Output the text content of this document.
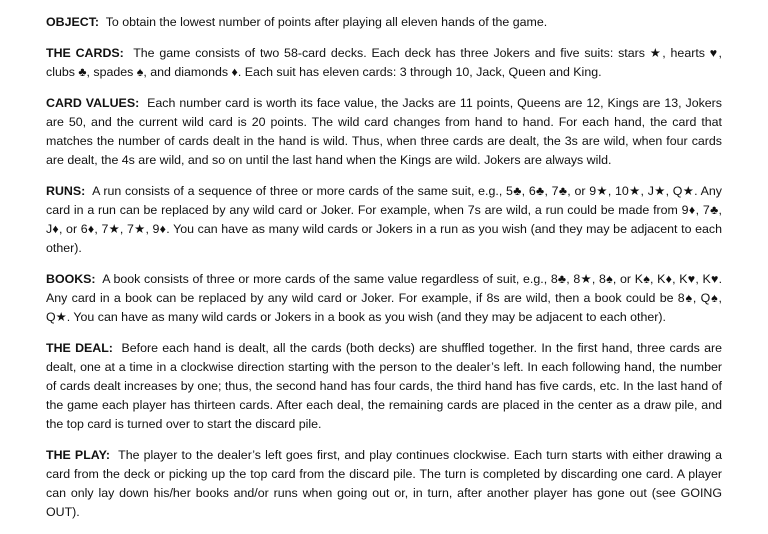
OBJECT: To obtain the lowest number of points after playing all eleven hands of the game.

THE CARDS: The game consists of two 58-card decks. Each deck has three Jokers and five suits: stars ★, hearts ♥, clubs ♣, spades ♠, and diamonds ♦. Each suit has eleven cards: 3 through 10, Jack, Queen and King.

CARD VALUES: Each number card is worth its face value, the Jacks are 11 points, Queens are 12, Kings are 13, Jokers are 50, and the current wild card is 20 points. The wild card changes from hand to hand. For each hand, the card that matches the number of cards dealt in the hand is wild. Thus, when three cards are dealt, the 3s are wild, when four cards are dealt, the 4s are wild, and so on until the last hand when the Kings are wild. Jokers are always wild.

RUNS: A run consists of a sequence of three or more cards of the same suit, e.g., 5♣, 6♣, 7♣, or 9★, 10★, J★, Q★. Any card in a run can be replaced by any wild card or Joker. For example, when 7s are wild, a run could be made from 9♦, 7♣, J♦, or 6♦, 7★, 7★, 9♦. You can have as many wild cards or Jokers in a run as you wish (and they may be adjacent to each other).

BOOKS: A book consists of three or more cards of the same value regardless of suit, e.g., 8♣, 8★, 8♠, or K♠, K♦, K♥, K♥. Any card in a book can be replaced by any wild card or Joker. For example, if 8s are wild, then a book could be 8♠, Q♠, Q★. You can have as many wild cards or Jokers in a book as you wish (and they may be adjacent to each other).

THE DEAL: Before each hand is dealt, all the cards (both decks) are shuffled together. In the first hand, three cards are dealt, one at a time in a clockwise direction starting with the person to the dealer’s left. In each following hand, the number of cards dealt increases by one; thus, the second hand has four cards, the third hand has five cards, etc. In the last hand of the game each player has thirteen cards. After each deal, the remaining cards are placed in the center as a draw pile, and the top card is turned over to start the discard pile.

THE PLAY: The player to the dealer’s left goes first, and play continues clockwise. Each turn starts with either drawing a card from the deck or picking up the top card from the discard pile. The turn is completed by discarding one card. A player can only lay down his/her books and/or runs when going out or, in turn, after another player has gone out (see GOING OUT).
